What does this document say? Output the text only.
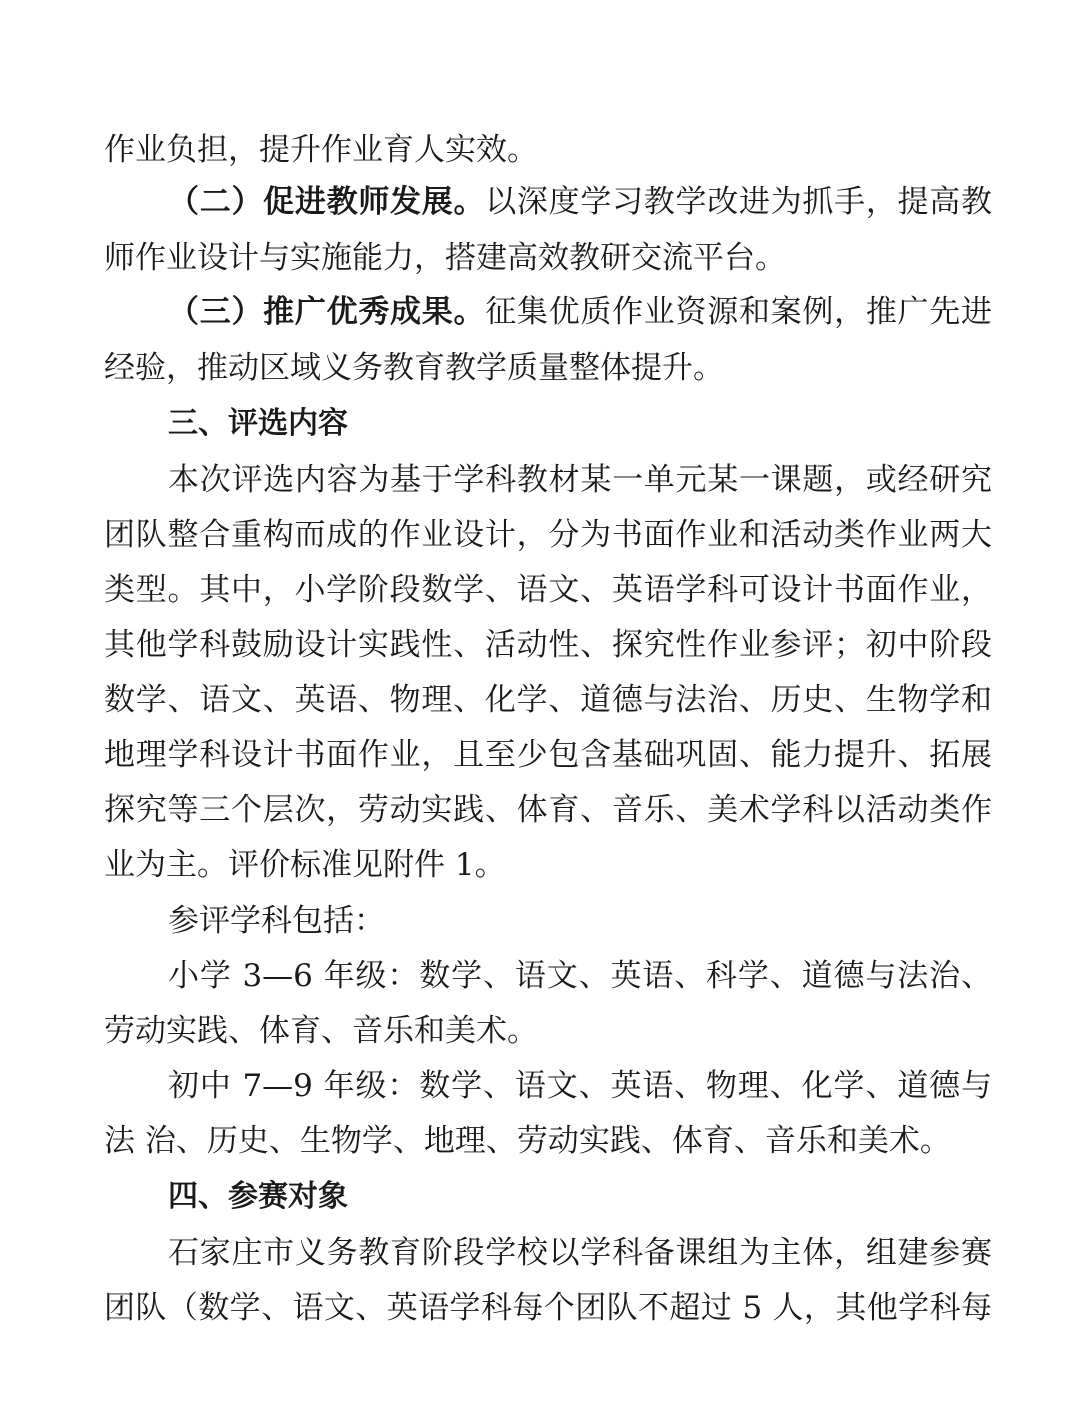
作业负担，提升作业育人实效。
（二）促进教师发展。以深度学习教学改进为抓手，提高教
师作业设计与实施能力，搭建高效教研交流平台。
（三）推广优秀成果。征集优质作业资源和案例，推广先进
经验，推动区域义务教育教学质量整体提升。
三、评选内容
本次评选内容为基于学科教材某一单元某一课题，或经研究
团队整合重构而成的作业设计，分为书面作业和活动类作业两大
类型。其中，小学阶段数学、语文、英语学科可设计书面作业，
其他学科鼓励设计实践性、活动性、探究性作业参评；初中阶段
数学、语文、英语、物理、化学、道德与法治、历史、生物学和
地理学科设计书面作业，且至少包含基础巩固、能力提升、拓展
探究等三个层次，劳动实践、体育、音乐、美术学科以活动类作
业为主。评价标准见附件 1。
参评学科包括：
小学 3—6 年级：数学、语文、英语、科学、道德与法治、
劳动实践、体育、音乐和美术。
初中 7—9 年级：数学、语文、英语、物理、化学、道德与
法 治、历史、生物学、地理、劳动实践、体育、音乐和美术。
四、参赛对象
石家庄市义务教育阶段学校以学科备课组为主体，组建参赛
团队（数学、语文、英语学科每个团队不超过 5 人，其他学科每
